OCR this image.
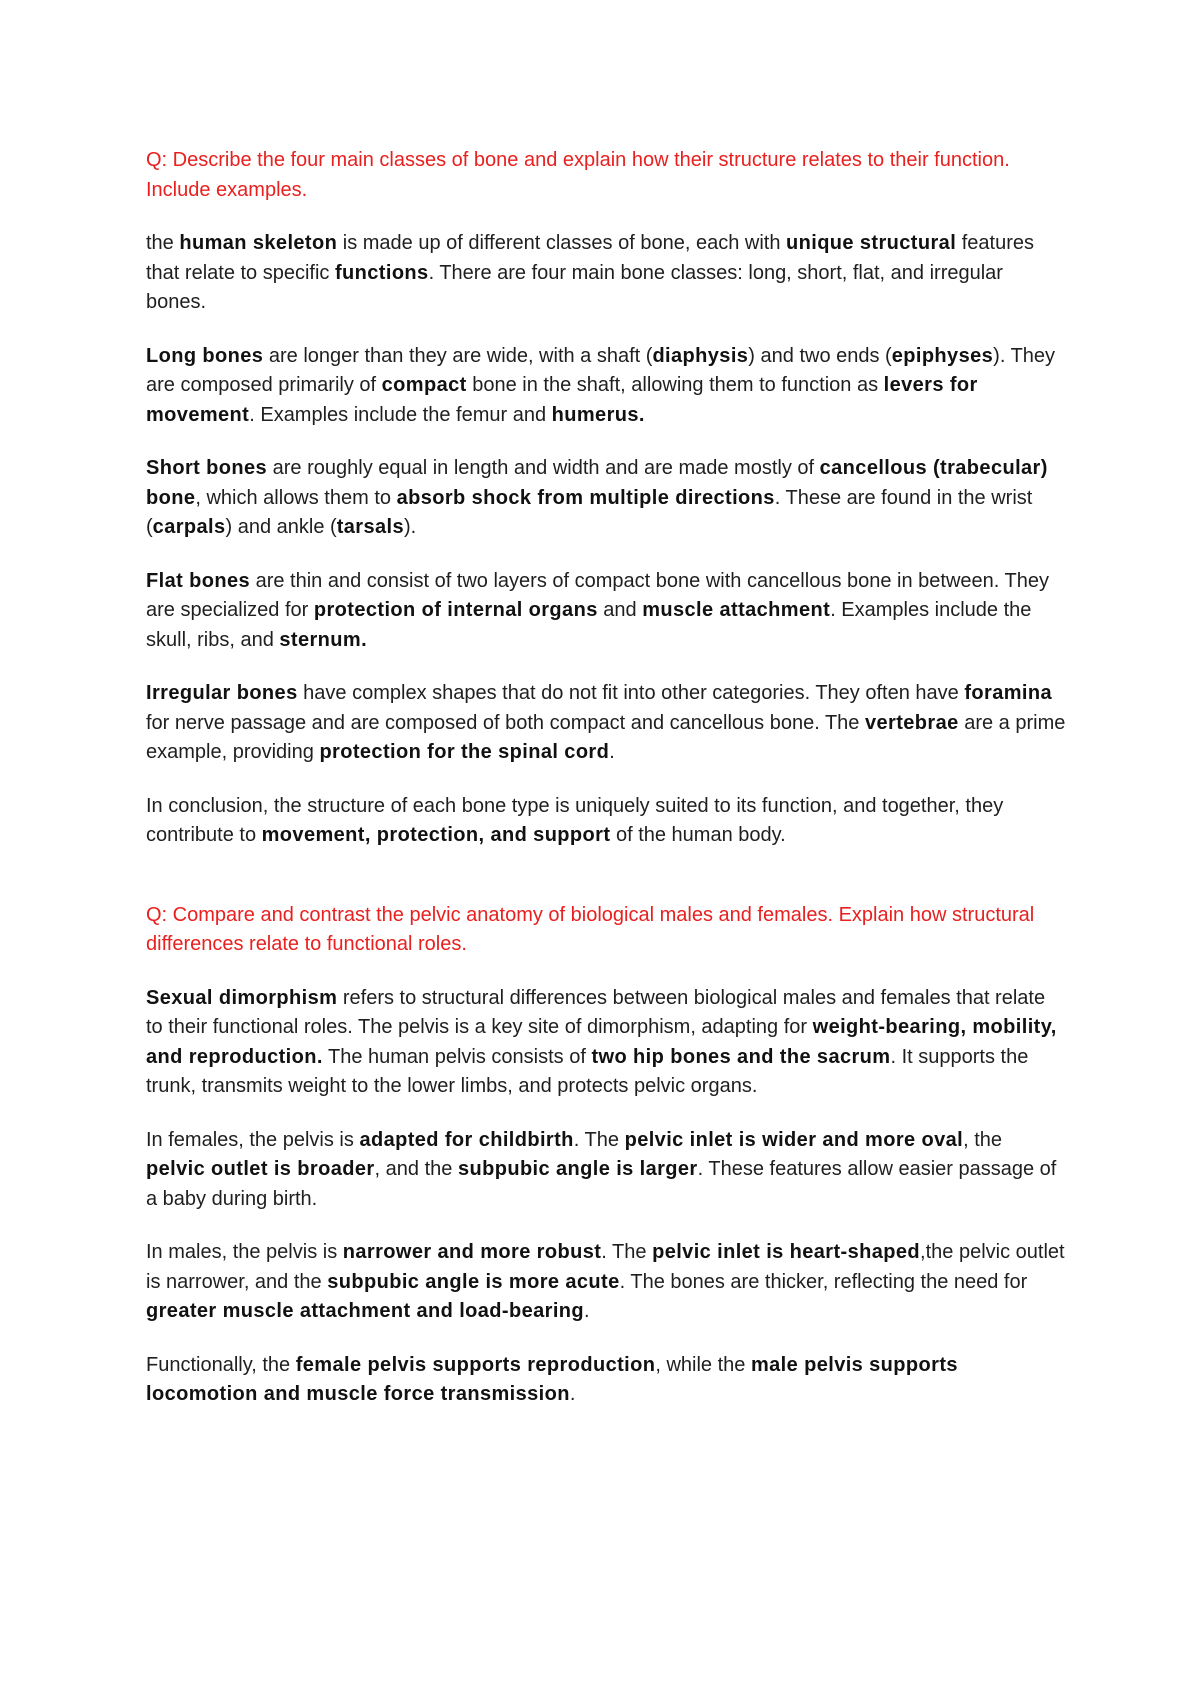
Q: Describe the four main classes of bone and explain how their structure relates to their function. Include examples.

the human skeleton is made up of different classes of bone, each with unique structural features that relate to specific functions. There are four main bone classes: long, short, flat, and irregular bones.

Long bones are longer than they are wide, with a shaft (diaphysis) and two ends (epiphyses). They are composed primarily of compact bone in the shaft, allowing them to function as levers for movement. Examples include the femur and humerus.

Short bones are roughly equal in length and width and are made mostly of cancellous (trabecular) bone, which allows them to absorb shock from multiple directions. These are found in the wrist (carpals) and ankle (tarsals).

Flat bones are thin and consist of two layers of compact bone with cancellous bone in between. They are specialized for protection of internal organs and muscle attachment. Examples include the skull, ribs, and sternum.

Irregular bones have complex shapes that do not fit into other categories. They often have foramina for nerve passage and are composed of both compact and cancellous bone. The vertebrae are a prime example, providing protection for the spinal cord.

In conclusion, the structure of each bone type is uniquely suited to its function, and together, they contribute to movement, protection, and support of the human body.

Q: Compare and contrast the pelvic anatomy of biological males and females. Explain how structural differences relate to functional roles.

Sexual dimorphism refers to structural differences between biological males and females that relate to their functional roles. The pelvis is a key site of dimorphism, adapting for weight-bearing, mobility, and reproduction. The human pelvis consists of two hip bones and the sacrum. It supports the trunk, transmits weight to the lower limbs, and protects pelvic organs.

In females, the pelvis is adapted for childbirth. The pelvic inlet is wider and more oval, the pelvic outlet is broader, and the subpubic angle is larger. These features allow easier passage of a baby during birth.

In males, the pelvis is narrower and more robust. The pelvic inlet is heart-shaped,the pelvic outlet is narrower, and the subpubic angle is more acute. The bones are thicker, reflecting the need for greater muscle attachment and load-bearing.

Functionally, the female pelvis supports reproduction, while the male pelvis supports locomotion and muscle force transmission.
